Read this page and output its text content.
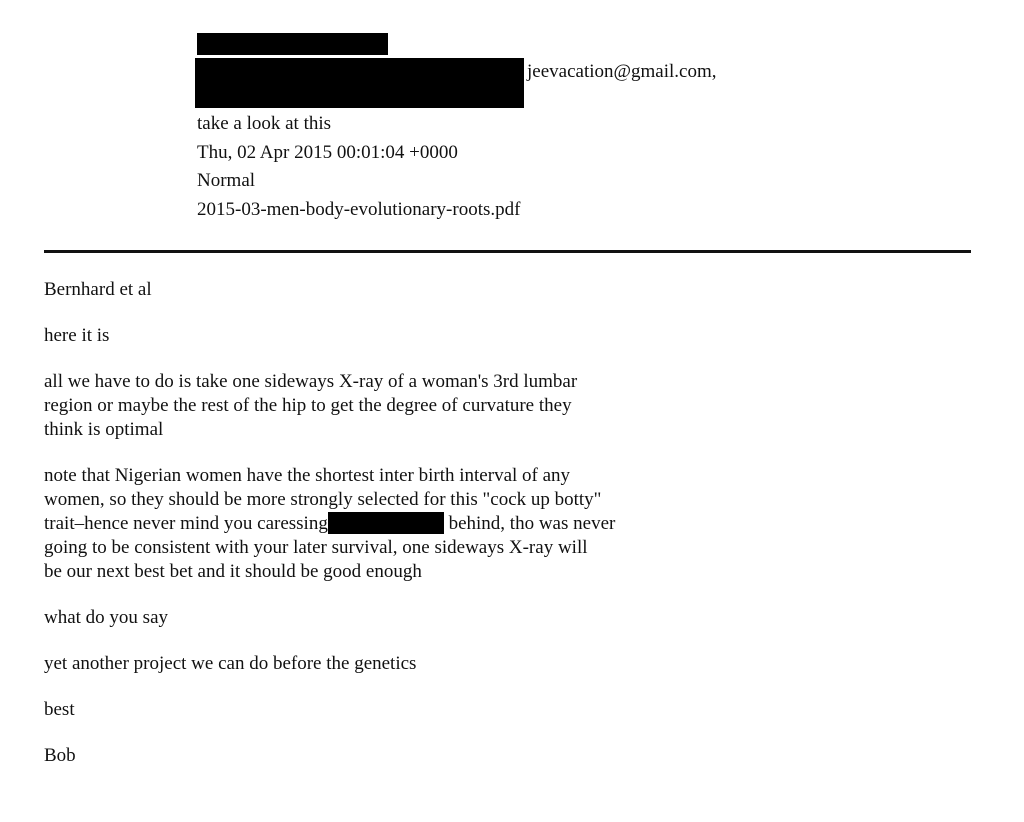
jeevacation@gmail.com,
take a look at this
Thu, 02 Apr 2015 00:01:04 +0000
Normal
2015-03-men-body-evolutionary-roots.pdf

Bernhard et al

here it is

all we have to do is take one sideways X-ray of a woman's 3rd lumbar
region or maybe the rest of the hip to get the degree of curvature they
think is optimal

note that Nigerian women have the shortest inter birth interval of any
women, so they should be more strongly selected for this "cock up botty"
trait–hence never mind you caressing	behind, tho was never
going to be consistent with your later survival, one sideways X-ray will
be our next best bet and it should be good enough

what do you say

yet another project we can do before the genetics

best

Bob
